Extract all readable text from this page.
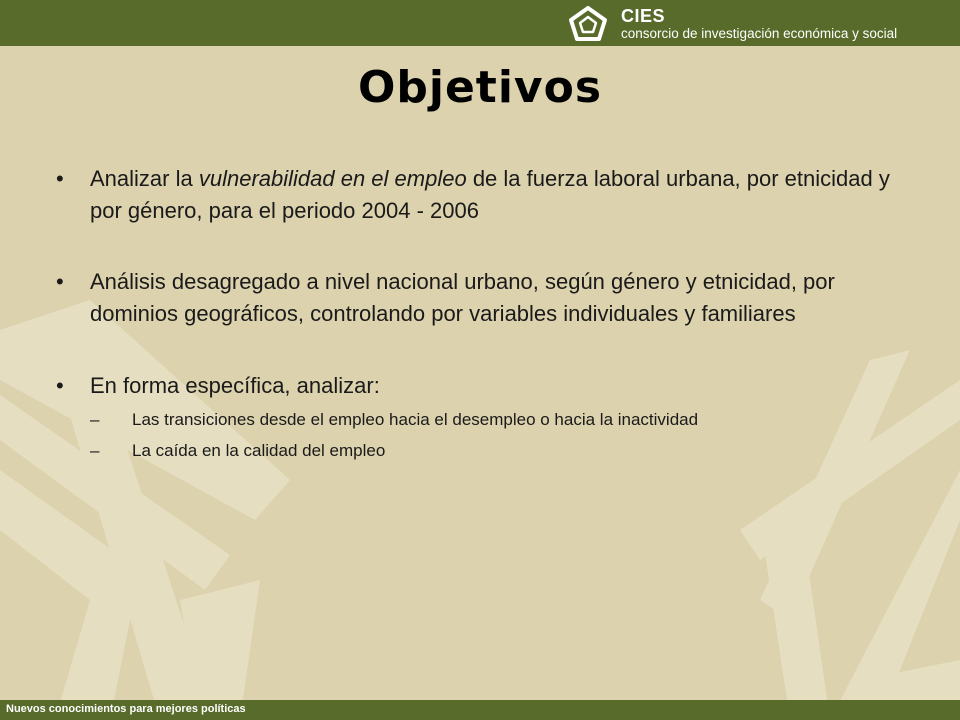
CIES
consorcio de investigación económica y social
Objetivos
• Analizar la vulnerabilidad en el empleo de la fuerza laboral urbana, por etnicidad y por género, para el periodo 2004 - 2006
• Análisis desagregado a nivel nacional urbano, según género y etnicidad, por dominios geográficos, controlando por variables individuales y familiares
• En forma específica, analizar:
– Las transiciones desde el empleo hacia el desempleo o hacia la inactividad
– La caída en la calidad del empleo
Nuevos conocimientos para mejores políticas
